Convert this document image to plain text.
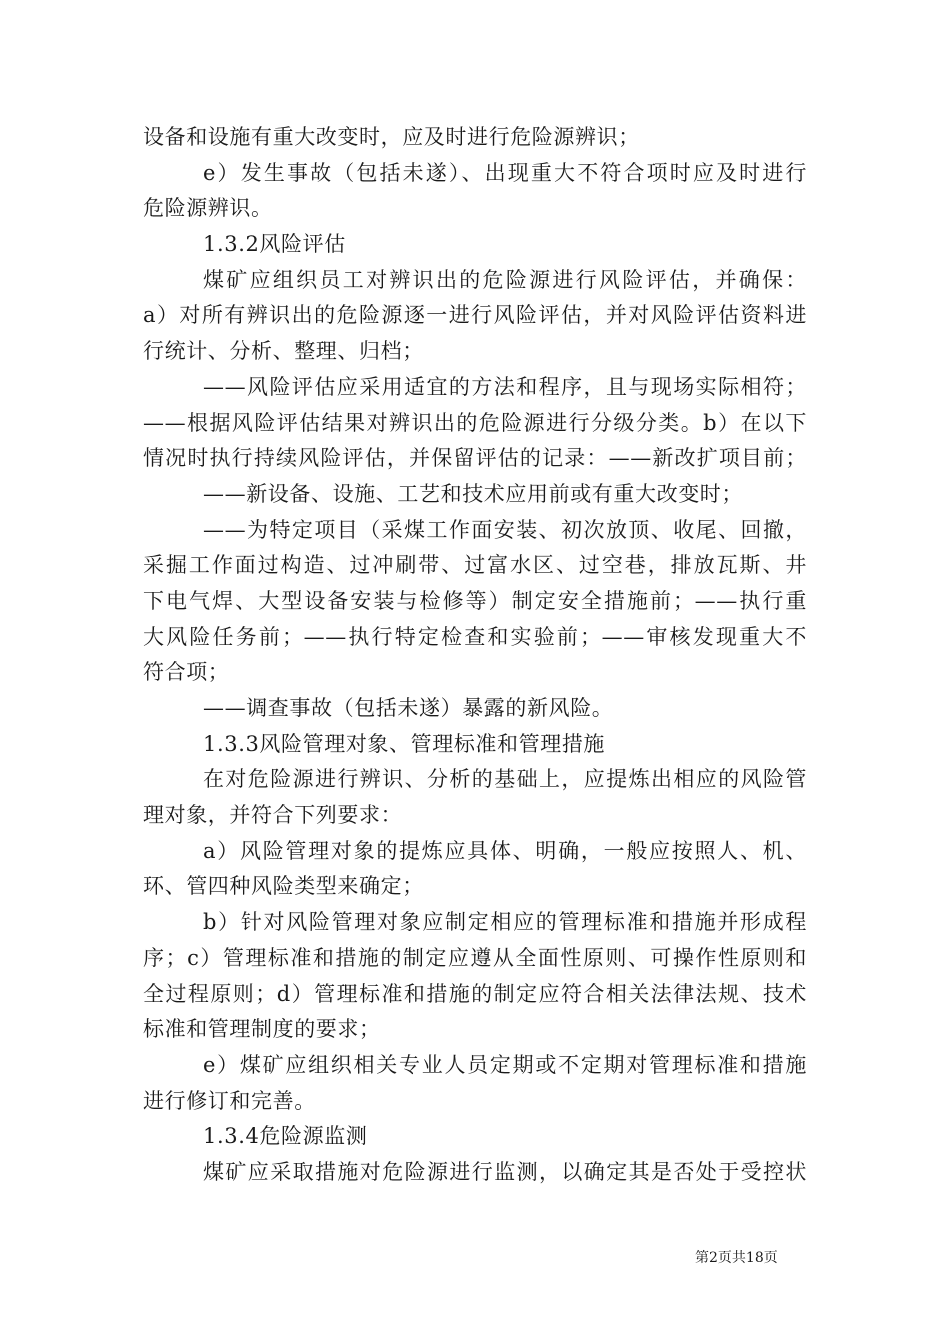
设备和设施有重大改变时，应及时进行危险源辨识；
e）发生事故（包括未遂）、出现重大不符合项时应及时进行
危险源辨识。
1.3.2风险评估
煤矿应组织员工对辨识出的危险源进行风险评估，并确保：
a）对所有辨识出的危险源逐一进行风险评估，并对风险评估资料进
行统计、分析、整理、归档；
——风险评估应采用适宜的方法和程序，且与现场实际相符；
——根据风险评估结果对辨识出的危险源进行分级分类。b）在以下
情况时执行持续风险评估，并保留评估的记录：——新改扩项目前；
——新设备、设施、工艺和技术应用前或有重大改变时；
——为特定项目（采煤工作面安装、初次放顶、收尾、回撤，
采掘工作面过构造、过冲刷带、过富水区、过空巷，排放瓦斯、井
下电气焊、大型设备安装与检修等）制定安全措施前；——执行重
大风险任务前；——执行特定检查和实验前；——审核发现重大不
符合项；
——调查事故（包括未遂）暴露的新风险。
1.3.3风险管理对象、管理标准和管理措施
在对危险源进行辨识、分析的基础上，应提炼出相应的风险管
理对象，并符合下列要求：
a）风险管理对象的提炼应具体、明确，一般应按照人、机、
环、管四种风险类型来确定；
b）针对风险管理对象应制定相应的管理标准和措施并形成程
序；c）管理标准和措施的制定应遵从全面性原则、可操作性原则和
全过程原则；d）管理标准和措施的制定应符合相关法律法规、技术
标准和管理制度的要求；
e）煤矿应组织相关专业人员定期或不定期对管理标准和措施
进行修订和完善。
1.3.4危险源监测
煤矿应采取措施对危险源进行监测，以确定其是否处于受控状
第2页共18页
